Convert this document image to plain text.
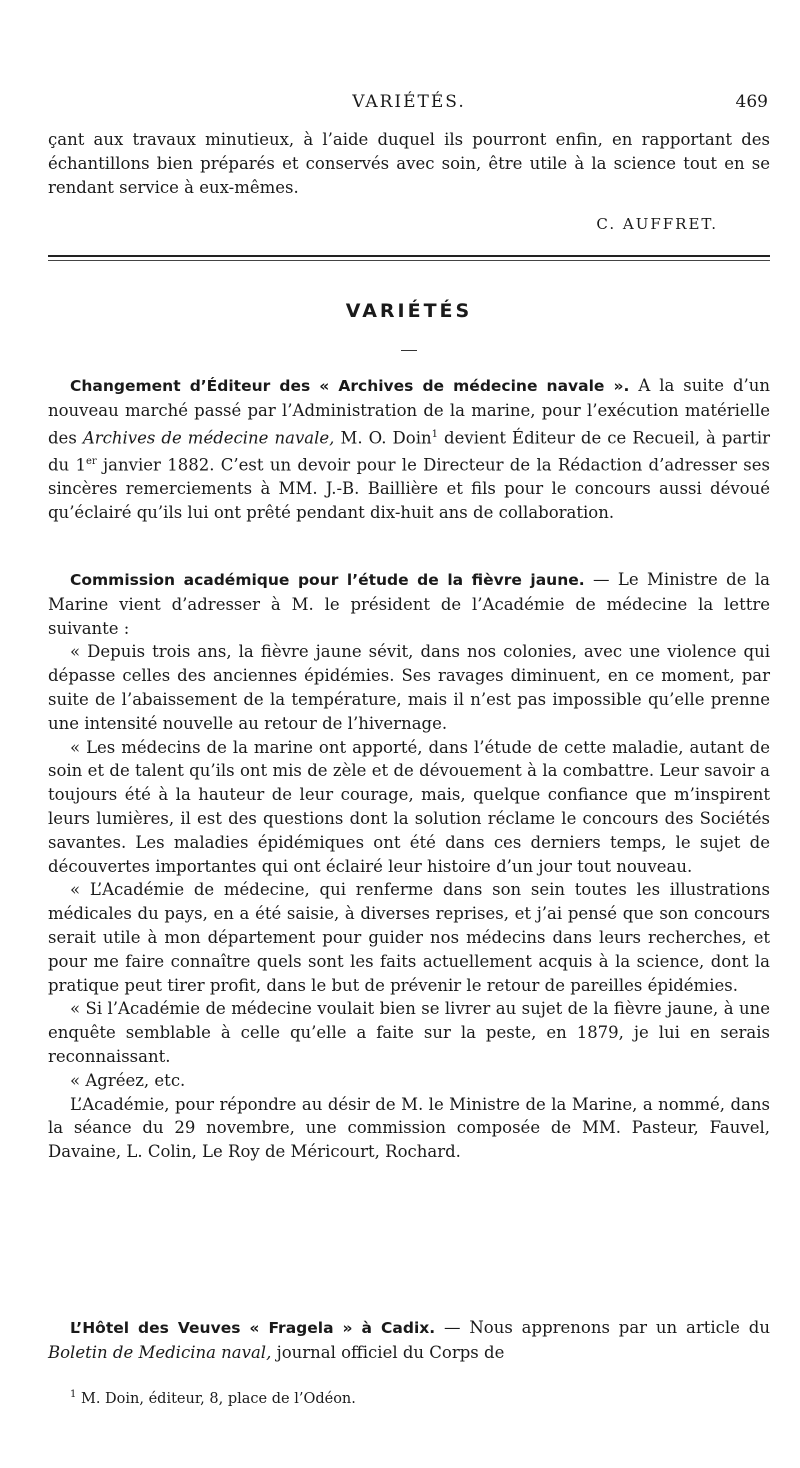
VARIÉTÉS.	469

çant aux travaux minutieux, à l’aide duquel ils pourront enfin, en rapportant des échantillons bien préparés et conservés avec soin, être utile à la science tout en se rendant service à eux-mêmes.

C. AUFFRET.
VARIÉTÉS

Changement d’Éditeur des « Archives de médecine navale ». A la suite d’un nouveau marché passé par l’Administration de la marine, pour l’exécution matérielle des Archives de médecine navale, M. O. Doin$^1$ devient Éditeur de ce Recueil, à partir du 1er janvier 1882. C’est un devoir pour le Directeur de la Rédaction d’adresser ses sincères remerciements à MM. J.-B. Baillière et fils pour le concours aussi dévoué qu’éclairé qu’ils lui ont prêté pendant dix-huit ans de collaboration.

Commission académique pour l’étude de la fièvre jaune. — Le Ministre de la Marine vient d’adresser à M. le président de l’Académie de médecine la lettre suivante :

« Depuis trois ans, la fièvre jaune sévit, dans nos colonies, avec une violence qui dépasse celles des anciennes épidémies. Ses ravages diminuent, en ce moment, par suite de l’abaissement de la température, mais il n’est pas impossible qu’elle prenne une intensité nouvelle au retour de l’hivernage.

« Les médecins de la marine ont apporté, dans l’étude de cette maladie, autant de soin et de talent qu’ils ont mis de zèle et de dévouement à la combattre. Leur savoir a toujours été à la hauteur de leur courage, mais, quelque confiance que m’inspirent leurs lumières, il est des questions dont la solution réclame le concours des Sociétés savantes. Les maladies épidémiques ont été dans ces derniers temps, le sujet de découvertes importantes qui ont éclairé leur histoire d’un jour tout nouveau.

« L’Académie de médecine, qui renferme dans son sein toutes les illustrations médicales du pays, en a été saisie, à diverses reprises, et j’ai pensé que son concours serait utile à mon département pour guider nos médecins dans leurs recherches, et pour me faire connaître quels sont les faits actuellement acquis à la science, dont la pratique peut tirer profit, dans le but de prévenir le retour de pareilles épidémies.

« Si l’Académie de médecine voulait bien se livrer au sujet de la fièvre jaune, à une enquête semblable à celle qu’elle a faite sur la peste, en 1879, je lui en serais reconnaissant.

« Agréez, etc.

L’Académie, pour répondre au désir de M. le Ministre de la Marine, a nommé, dans la séance du 29 novembre, une commission composée de MM. Pasteur, Fauvel, Davaine, L. Colin, Le Roy de Méricourt, Rochard.

L’Hôtel des Veuves « Fragela » à Cadix. — Nous apprenons par un article du Boletin de Medicina naval, journal officiel du Corps de

$^1$ M. Doin, éditeur, 8, place de l’Odéon.
